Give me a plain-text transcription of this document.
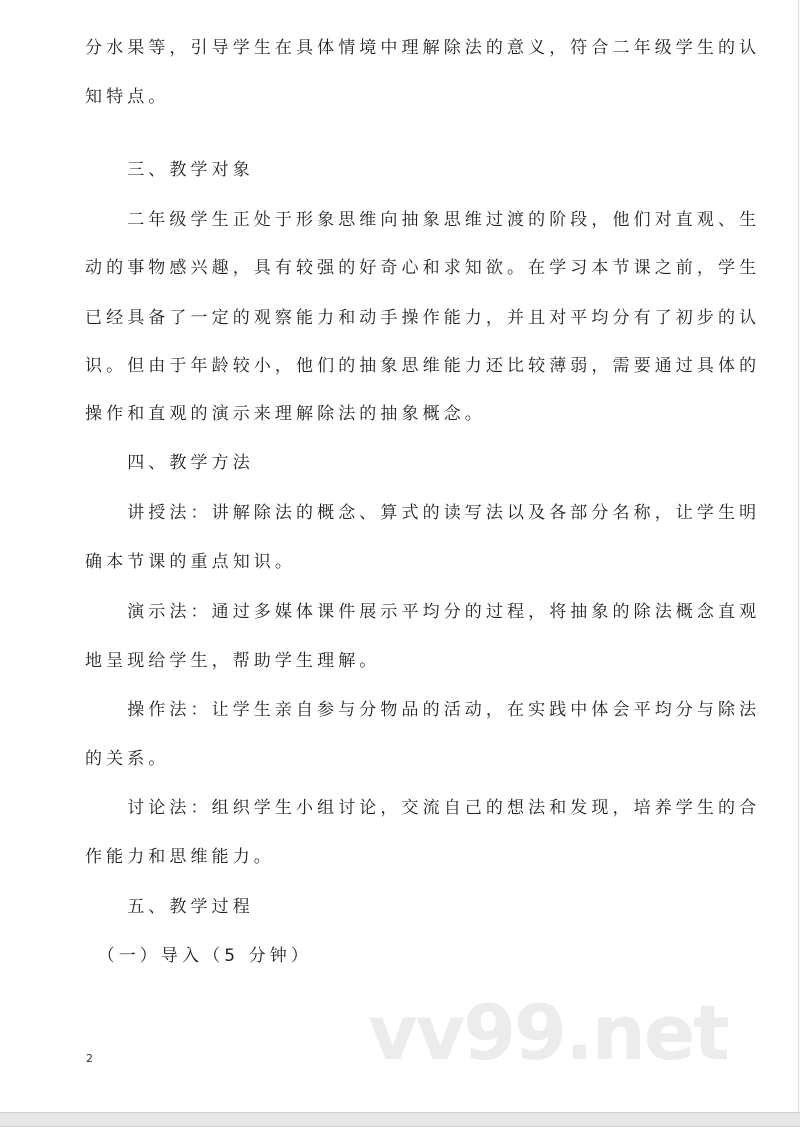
分水果等，引导学生在具体情境中理解除法的意义，符合二年级学生的认
知特点。
　　三、教学对象
　　二年级学生正处于形象思维向抽象思维过渡的阶段，他们对直观、生
动的事物感兴趣，具有较强的好奇心和求知欲。在学习本节课之前，学生
已经具备了一定的观察能力和动手操作能力，并且对平均分有了初步的认
识。但由于年龄较小，他们的抽象思维能力还比较薄弱，需要通过具体的
操作和直观的演示来理解除法的抽象概念。
　　四、教学方法
　　讲授法：讲解除法的概念、算式的读写法以及各部分名称，让学生明
确本节课的重点知识。
　　演示法：通过多媒体课件展示平均分的过程，将抽象的除法概念直观
地呈现给学生，帮助学生理解。
　　操作法：让学生亲自参与分物品的活动，在实践中体会平均分与除法
的关系。
　　讨论法：组织学生小组讨论，交流自己的想法和发现，培养学生的合
作能力和思维能力。
　　五、教学过程
　（一）导入（5 分钟）
2	vv99.net
